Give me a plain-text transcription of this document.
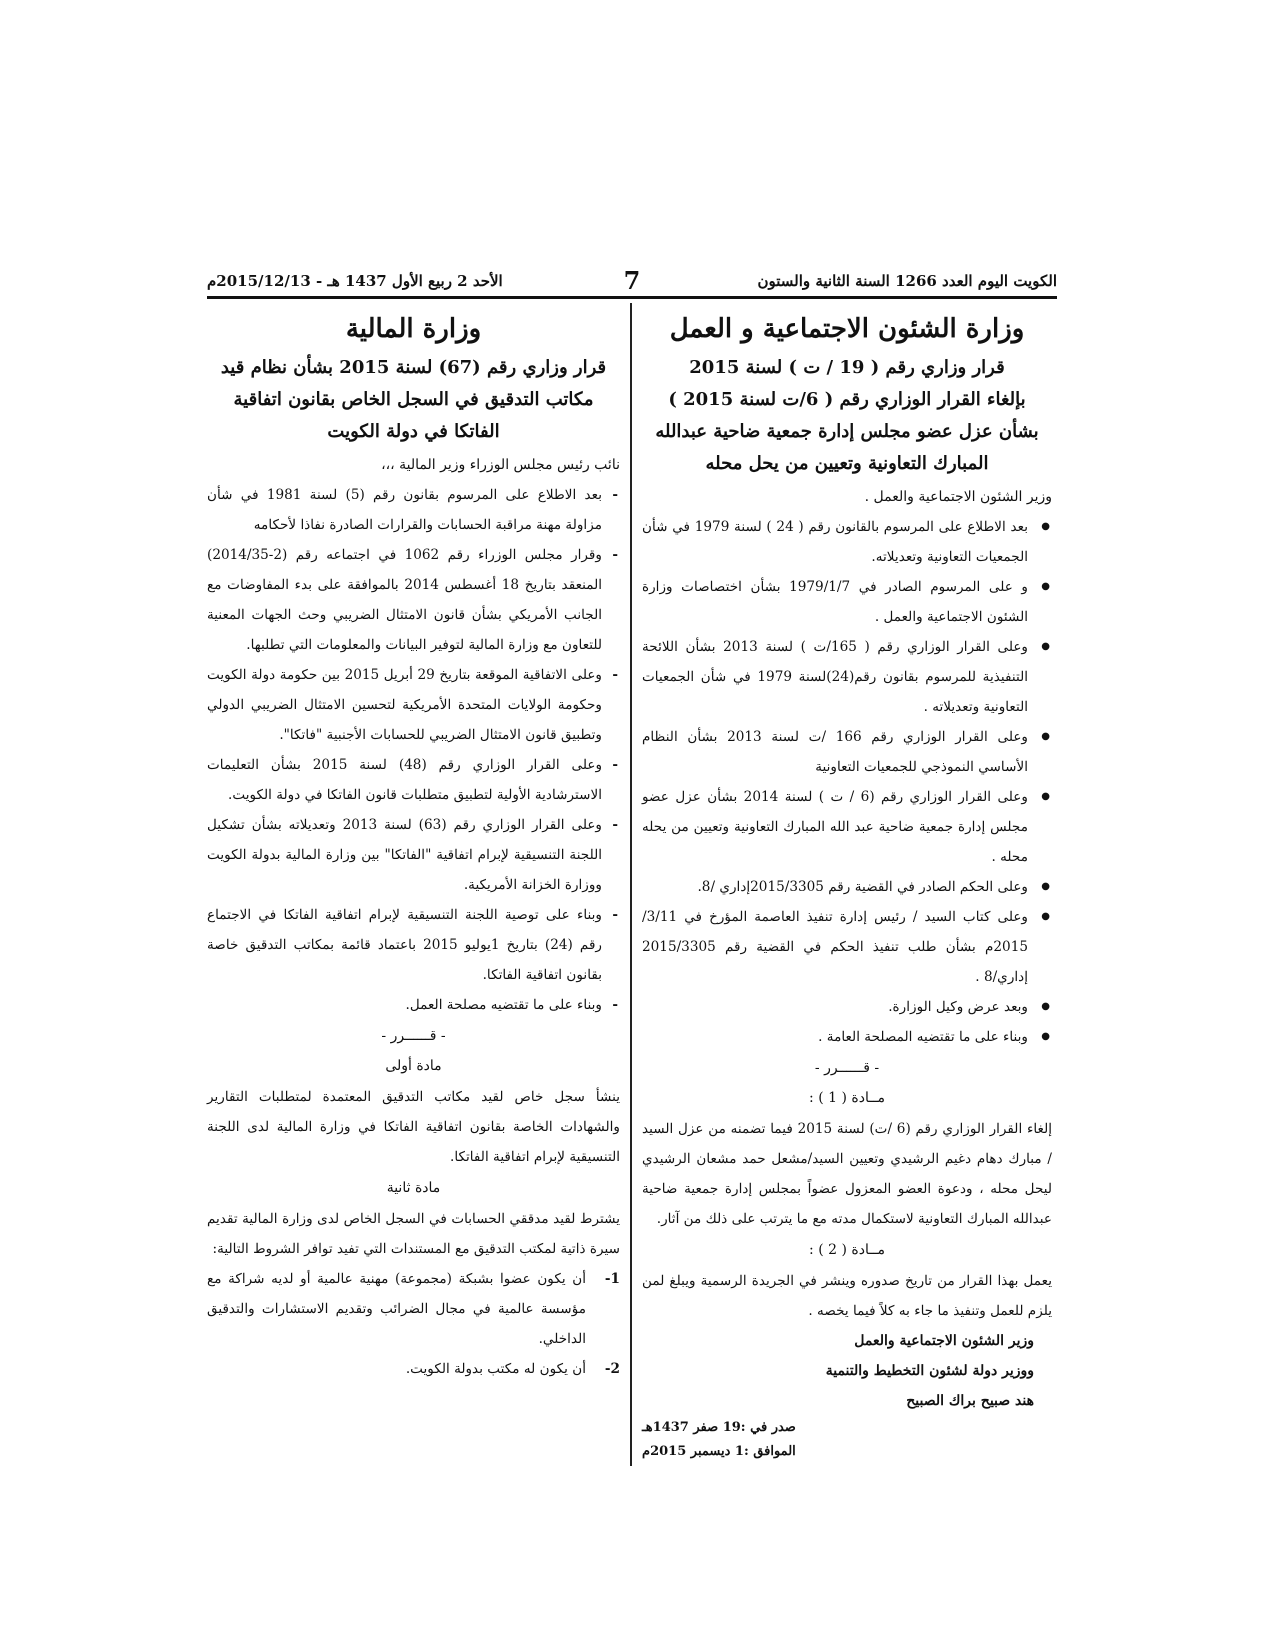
الكويت اليوم العدد 1266 السنة الثانية والستون
7
الأحد 2 ربيع الأول 1437 هـ - 2015/12/13م
وزارة الشئون الاجتماعية و العمل

قرار وزاري رقم ( 19 / ت ) لسنة 2015

بإلغاء القرار الوزاري رقم ( 6/ت لسنة 2015 )

بشأن عزل عضو مجلس إدارة جمعية ضاحية عبدالله

المبارك التعاونية وتعيين من يحل محله

وزير الشئون الاجتماعية والعمل .

● بعد الاطلاع على المرسوم بالقانون رقم ( 24 ) لسنة 1979 في شأن الجمعيات التعاونية وتعديلاته.
● و على المرسوم الصادر في 1979/1/7 بشأن اختصاصات وزارة الشئون الاجتماعية والعمل .
● وعلى القرار الوزاري رقم ( 165/ت ) لسنة 2013 بشأن اللائحة التنفيذية للمرسوم بقانون رقم(24)لسنة 1979 في شأن الجمعيات التعاونية وتعديلاته .
● وعلى القرار الوزاري رقم 166 /ت لسنة 2013 بشأن النظام الأساسي النموذجي للجمعيات التعاونية
● وعلى القرار الوزاري رقم (6 / ت ) لسنة 2014 بشأن عزل عضو مجلس إدارة جمعية ضاحية عبد الله المبارك التعاونية وتعيين من يحله محله .
● وعلى الحكم الصادر في القضية رقم 2015/3305إداري /8.
● وعلى كتاب السيد / رئيس إدارة تنفيذ العاصمة المؤرخ في 3/11/ 2015م بشأن طلب تنفيذ الحكم في القضية رقم 2015/3305 إداري/8 .
● وبعد عرض وكيل الوزارة.
● وبناء على ما تقتضيه المصلحة العامة .

- قــــــرر -

مــادة ( 1 ) :

إلغاء القرار الوزاري رقم (6 /ت) لسنة 2015 فيما تضمنه من عزل السيد / مبارك دهام دغيم الرشيدي وتعيين السيد/مشعل حمد مشعان الرشيدي ليحل محله ، ودعوة العضو المعزول عضواً بمجلس إدارة جمعية ضاحية عبدالله المبارك التعاونية لاستكمال مدته مع ما يترتب على ذلك من آثار.

مــادة ( 2 ) :

يعمل بهذا القرار من تاريخ صدوره وينشر في الجريدة الرسمية ويبلغ لمن يلزم للعمل وتنفيذ ما جاء به كلاً فيما يخصه .

وزير الشئون الاجتماعية والعمل

ووزير دولة لشئون التخطيط والتنمية

هند صبيح براك الصبيح

صدر في :19 صفر 1437هـ

الموافق :1 ديسمبر 2015م

وزارة المالية

قرار وزاري رقم (67) لسنة 2015 بشأن نظام قيد

مكاتب التدقيق في السجل الخاص بقانون اتفاقية

الفاتكا في دولة الكويت

نائب رئيس مجلس الوزراء وزير المالية ،،،

- بعد الاطلاع على المرسوم بقانون رقم (5) لسنة 1981 في شأن مزاولة مهنة مراقبة الحسابات والقرارات الصادرة نفاذا لأحكامه
- وقرار مجلس الوزراء رقم 1062 في اجتماعه رقم (2-2014/35) المنعقد بتاريخ 18 أغسطس 2014 بالموافقة على بدء المفاوضات مع الجانب الأمريكي بشأن قانون الامتثال الضريبي وحث الجهات المعنية للتعاون مع وزارة المالية لتوفير البيانات والمعلومات التي تطلبها.
- وعلى الاتفاقية الموقعة بتاريخ 29 أبريل 2015 بين حكومة دولة الكويت وحكومة الولايات المتحدة الأمريكية لتحسين الامتثال الضريبي الدولي وتطبيق قانون الامتثال الضريبي للحسابات الأجنبية "فاتكا".
- وعلى القرار الوزاري رقم (48) لسنة 2015 بشأن التعليمات الاسترشادية الأولية لتطبيق متطلبات قانون الفاتكا في دولة الكويت.
- وعلى القرار الوزاري رقم (63) لسنة 2013 وتعديلاته بشأن تشكيل اللجنة التنسيقية لإبرام اتفاقية "الفاتكا" بين وزارة المالية بدولة الكويت ووزارة الخزانة الأمريكية.
- وبناء على توصية اللجنة التنسيقية لإبرام اتفاقية الفاتكا في الاجتماع رقم (24) بتاريخ 1يوليو 2015 باعتماد قائمة بمكاتب التدقيق خاصة بقانون اتفاقية الفاتكا.
- وبناء على ما تقتضيه مصلحة العمل.

- قــــــرر -

مادة أولى

ينشأ سجل خاص لقيد مكاتب التدقيق المعتمدة لمتطلبات التقارير والشهادات الخاصة بقانون اتفاقية الفاتكا في وزارة المالية لدى اللجنة التنسيقية لإبرام اتفاقية الفاتكا.

مادة ثانية

يشترط لقيد مدققي الحسابات في السجل الخاص لدى وزارة المالية تقديم سيرة ذاتية لمكتب التدقيق مع المستندات التي تفيد توافر الشروط التالية:

1-
أن يكون عضوا بشبكة (مجموعة) مهنية عالمية أو لديه شراكة مع مؤسسة عالمية في مجال الضرائب وتقديم الاستشارات والتدقيق الداخلي.

2-
أن يكون له مكتب بدولة الكويت.
